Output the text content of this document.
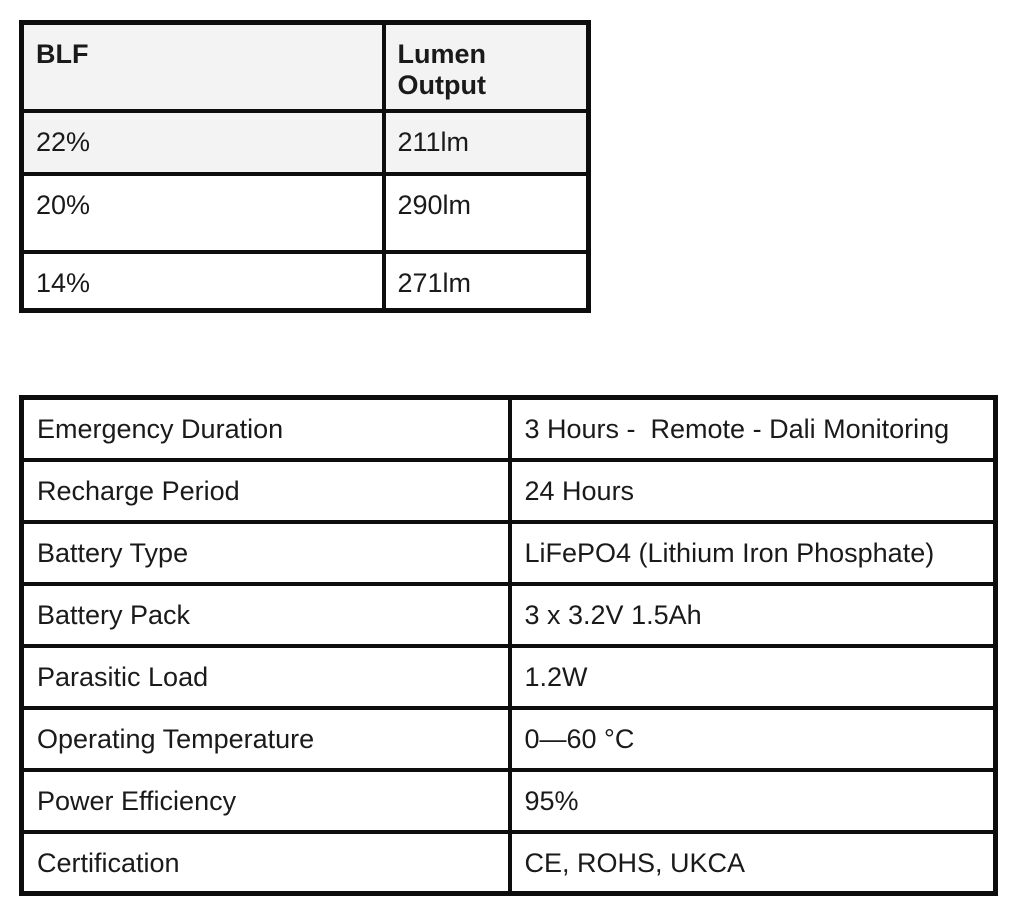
BLF	Lumen Output
22%	211lm
20%	290lm
14%	271lm
Emergency Duration	3 Hours -  Remote - Dali Monitoring
Recharge Period	24 Hours
Battery Type	LiFePO4 (Lithium Iron Phosphate)
Battery Pack	3 x 3.2V 1.5Ah
Parasitic Load	1.2W
Operating Temperature	0—60 °C
Power Efficiency	95%
Certification	CE, ROHS, UKCA
